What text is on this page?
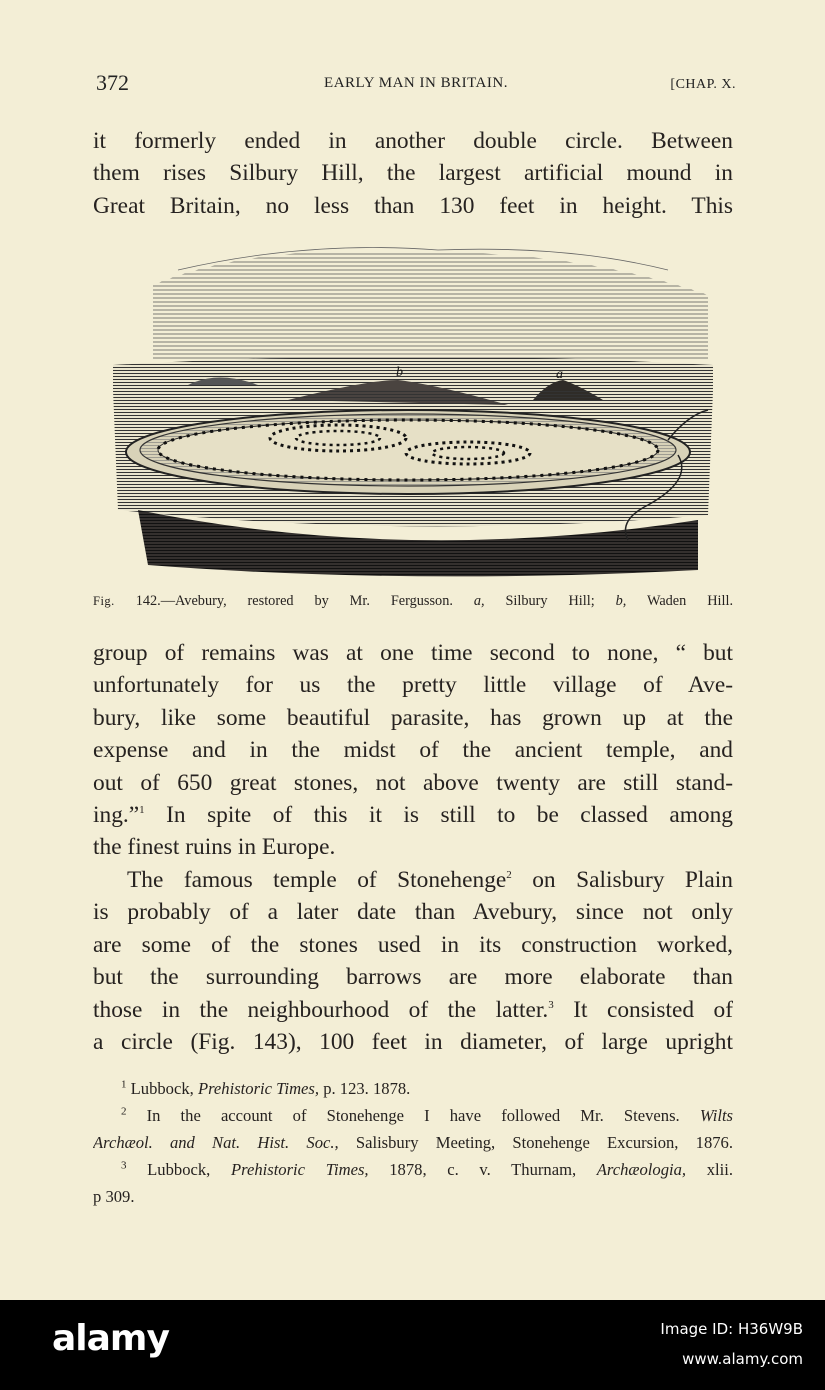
372	EARLY MAN IN BRITAIN.	[CHAP. X.
it formerly ended in another double circle. Between
them rises Silbury Hill, the largest artificial mound in
Great Britain, no less than 130 feet in height. This
b	a
Fig. 142.—Avebury, restored by Mr. Fergusson. a, Silbury Hill; b, Waden Hill.
group of remains was at one time second to none, “ but
unfortunately for us the pretty little village of Ave-
bury, like some beautiful parasite, has grown up at the
expense and in the midst of the ancient temple, and
out of 650 great stones, not above twenty are still stand-
ing.”$^1$ In spite of this it is still to be classed among
the finest ruins in Europe.
The famous temple of Stonehenge$^2$ on Salisbury Plain
is probably of a later date than Avebury, since not only
are some of the stones used in its construction worked,
but the surrounding barrows are more elaborate than
those in the neighbourhood of the latter.$^3$ It consisted of
a circle (Fig. 143), 100 feet in diameter, of large upright
$^1$ Lubbock, Prehistoric Times, p. 123. 1878.
$^2$ In the account of Stonehenge I have followed Mr. Stevens. Wilts
Archæol. and Nat. Hist. Soc., Salisbury Meeting, Stonehenge Excursion, 1876.
$^3$ Lubbock, Prehistoric Times, 1878, c. v. Thurnam, Archæologia, xlii.
p 309.
alamy	Image ID: H36W9B
www.alamy.com
